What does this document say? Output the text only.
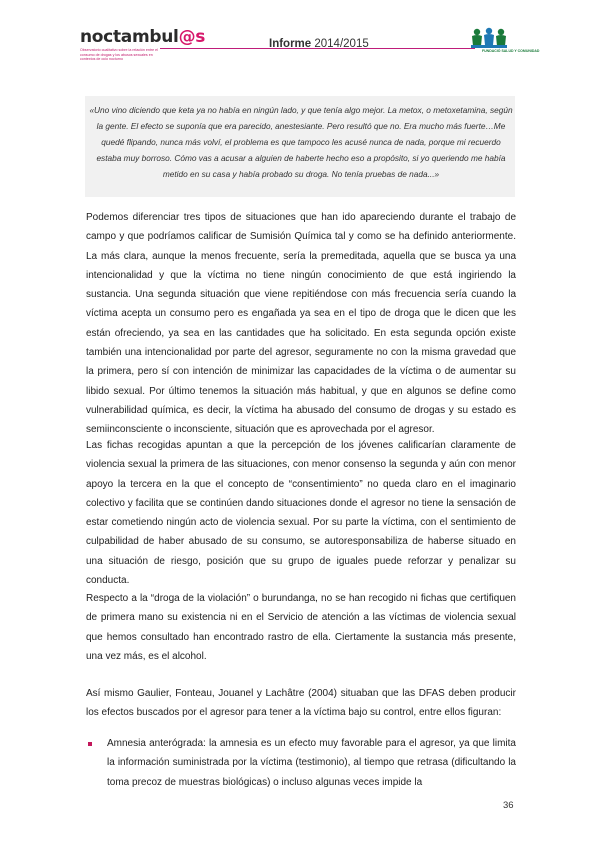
noctambul@s
Observatorio cualitativo sobre la relación entre el consumo de drogas y los abusos sexuales en contextos de ocio nocturno
Informe 2014/2015
FUNDACIÓ SALUD Y COMUNIDAD

«Uno vino diciendo que keta ya no había en ningún lado, y que tenía algo mejor. La metox, o metoxetamina, según la gente. El efecto se suponía que era parecido, anestesiante. Pero resultó que no. Era mucho más fuerte…Me quedé flipando, nunca más volví, el problema es que tampoco les acusé nunca de nada, porque mi recuerdo estaba muy borroso. Cómo vas a acusar a alguien de haberte hecho eso a propósito, si yo queriendo me había metido en su casa y había probado su droga. No tenía pruebas de nada...»

Podemos diferenciar tres tipos de situaciones que han ido apareciendo durante el trabajo de campo y que podríamos calificar de Sumisión Química tal y como se ha definido anteriormente. La más clara, aunque la menos frecuente, sería la premeditada, aquella que se busca ya una intencionalidad y que la víctima no tiene ningún conocimiento de que está ingiriendo la sustancia. Una segunda situación que viene repitiéndose con más frecuencia sería cuando la víctima acepta un consumo pero es engañada ya sea en el tipo de droga que le dicen que les están ofreciendo, ya sea en las cantidades que ha solicitado. En esta segunda opción existe también una intencionalidad por parte del agresor, seguramente no con la misma gravedad que la primera, pero sí con intención de minimizar las capacidades de la víctima o de aumentar su libido sexual. Por último tenemos la situación más habitual, y que en algunos se define como vulnerabilidad química, es decir, la víctima ha abusado del consumo de drogas y su estado es semiinconsciente o inconsciente, situación que es aprovechada por el agresor.

Las fichas recogidas apuntan a que la percepción de los jóvenes calificarían claramente de violencia sexual la primera de las situaciones, con menor consenso la segunda y aún con menor apoyo la tercera en la que el concepto de “consentimiento” no queda claro en el imaginario colectivo y facilita que se continúen dando situaciones donde el agresor no tiene la sensación de estar cometiendo ningún acto de violencia sexual. Por su parte la víctima, con el sentimiento de culpabilidad de haber abusado de su consumo, se autoresponsabiliza de haberse situado en una situación de riesgo, posición que su grupo de iguales puede reforzar y penalizar su conducta.

Respecto a la “droga de la violación” o burundanga, no se han recogido ni fichas que certifiquen de primera mano su existencia ni en el Servicio de atención a las víctimas de violencia sexual que hemos consultado han encontrado rastro de ella. Ciertamente la sustancia más presente, una vez más, es el alcohol.

Así mismo Gaulier, Fonteau, Jouanel y Lachâtre (2004) situaban que las DFAS deben producir los efectos buscados por el agresor para tener a la víctima bajo su control, entre ellos figuran:

Amnesia anterógrada: la amnesia es un efecto muy favorable para el agresor, ya que limita la información suministrada por la víctima (testimonio), al tiempo que retrasa (dificultando la toma precoz de muestras biológicas) o incluso algunas veces impide la

36
